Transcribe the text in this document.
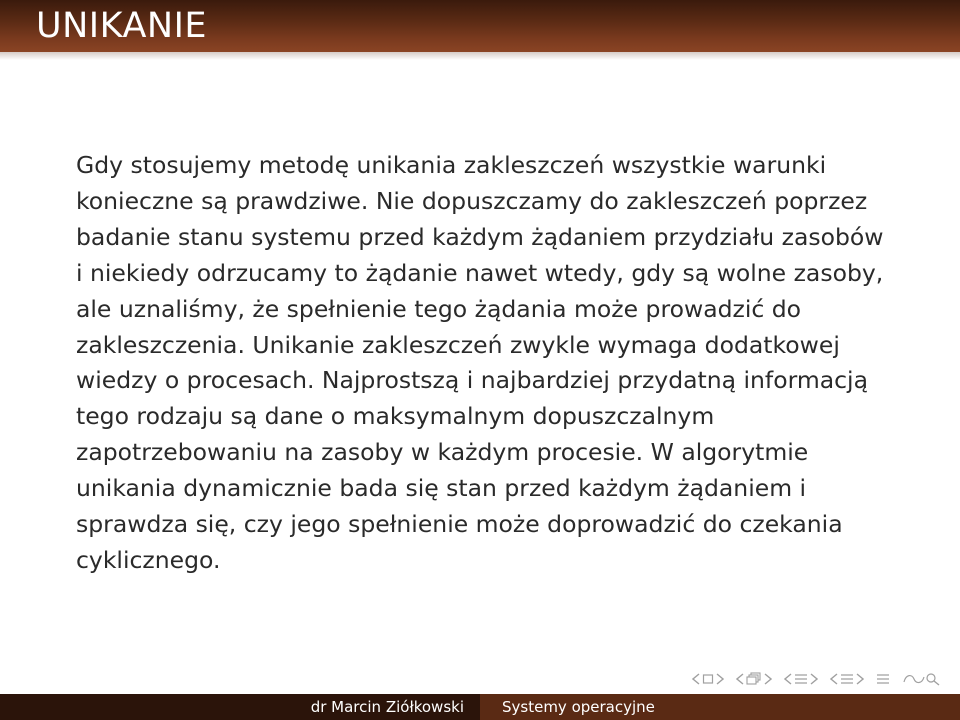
UNIKANIE
Gdy stosujemy metodę unikania zakleszczeń wszystkie warunki
konieczne są prawdziwe. Nie dopuszczamy do zakleszczeń poprzez
badanie stanu systemu przed każdym żądaniem przydziału zasobów
i niekiedy odrzucamy to żądanie nawet wtedy, gdy są wolne zasoby,
ale uznaliśmy, że spełnienie tego żądania może prowadzić do
zakleszczenia. Unikanie zakleszczeń zwykle wymaga dodatkowej
wiedzy o procesach. Najprostszą i najbardziej przydatną informacją
tego rodzaju są dane o maksymalnym dopuszczalnym
zapotrzebowaniu na zasoby w każdym procesie. W algorytmie
unikania dynamicznie bada się stan przed każdym żądaniem i
sprawdza się, czy jego spełnienie może doprowadzić do czekania
cyklicznego.
dr Marcin Ziółkowski	Systemy operacyjne
